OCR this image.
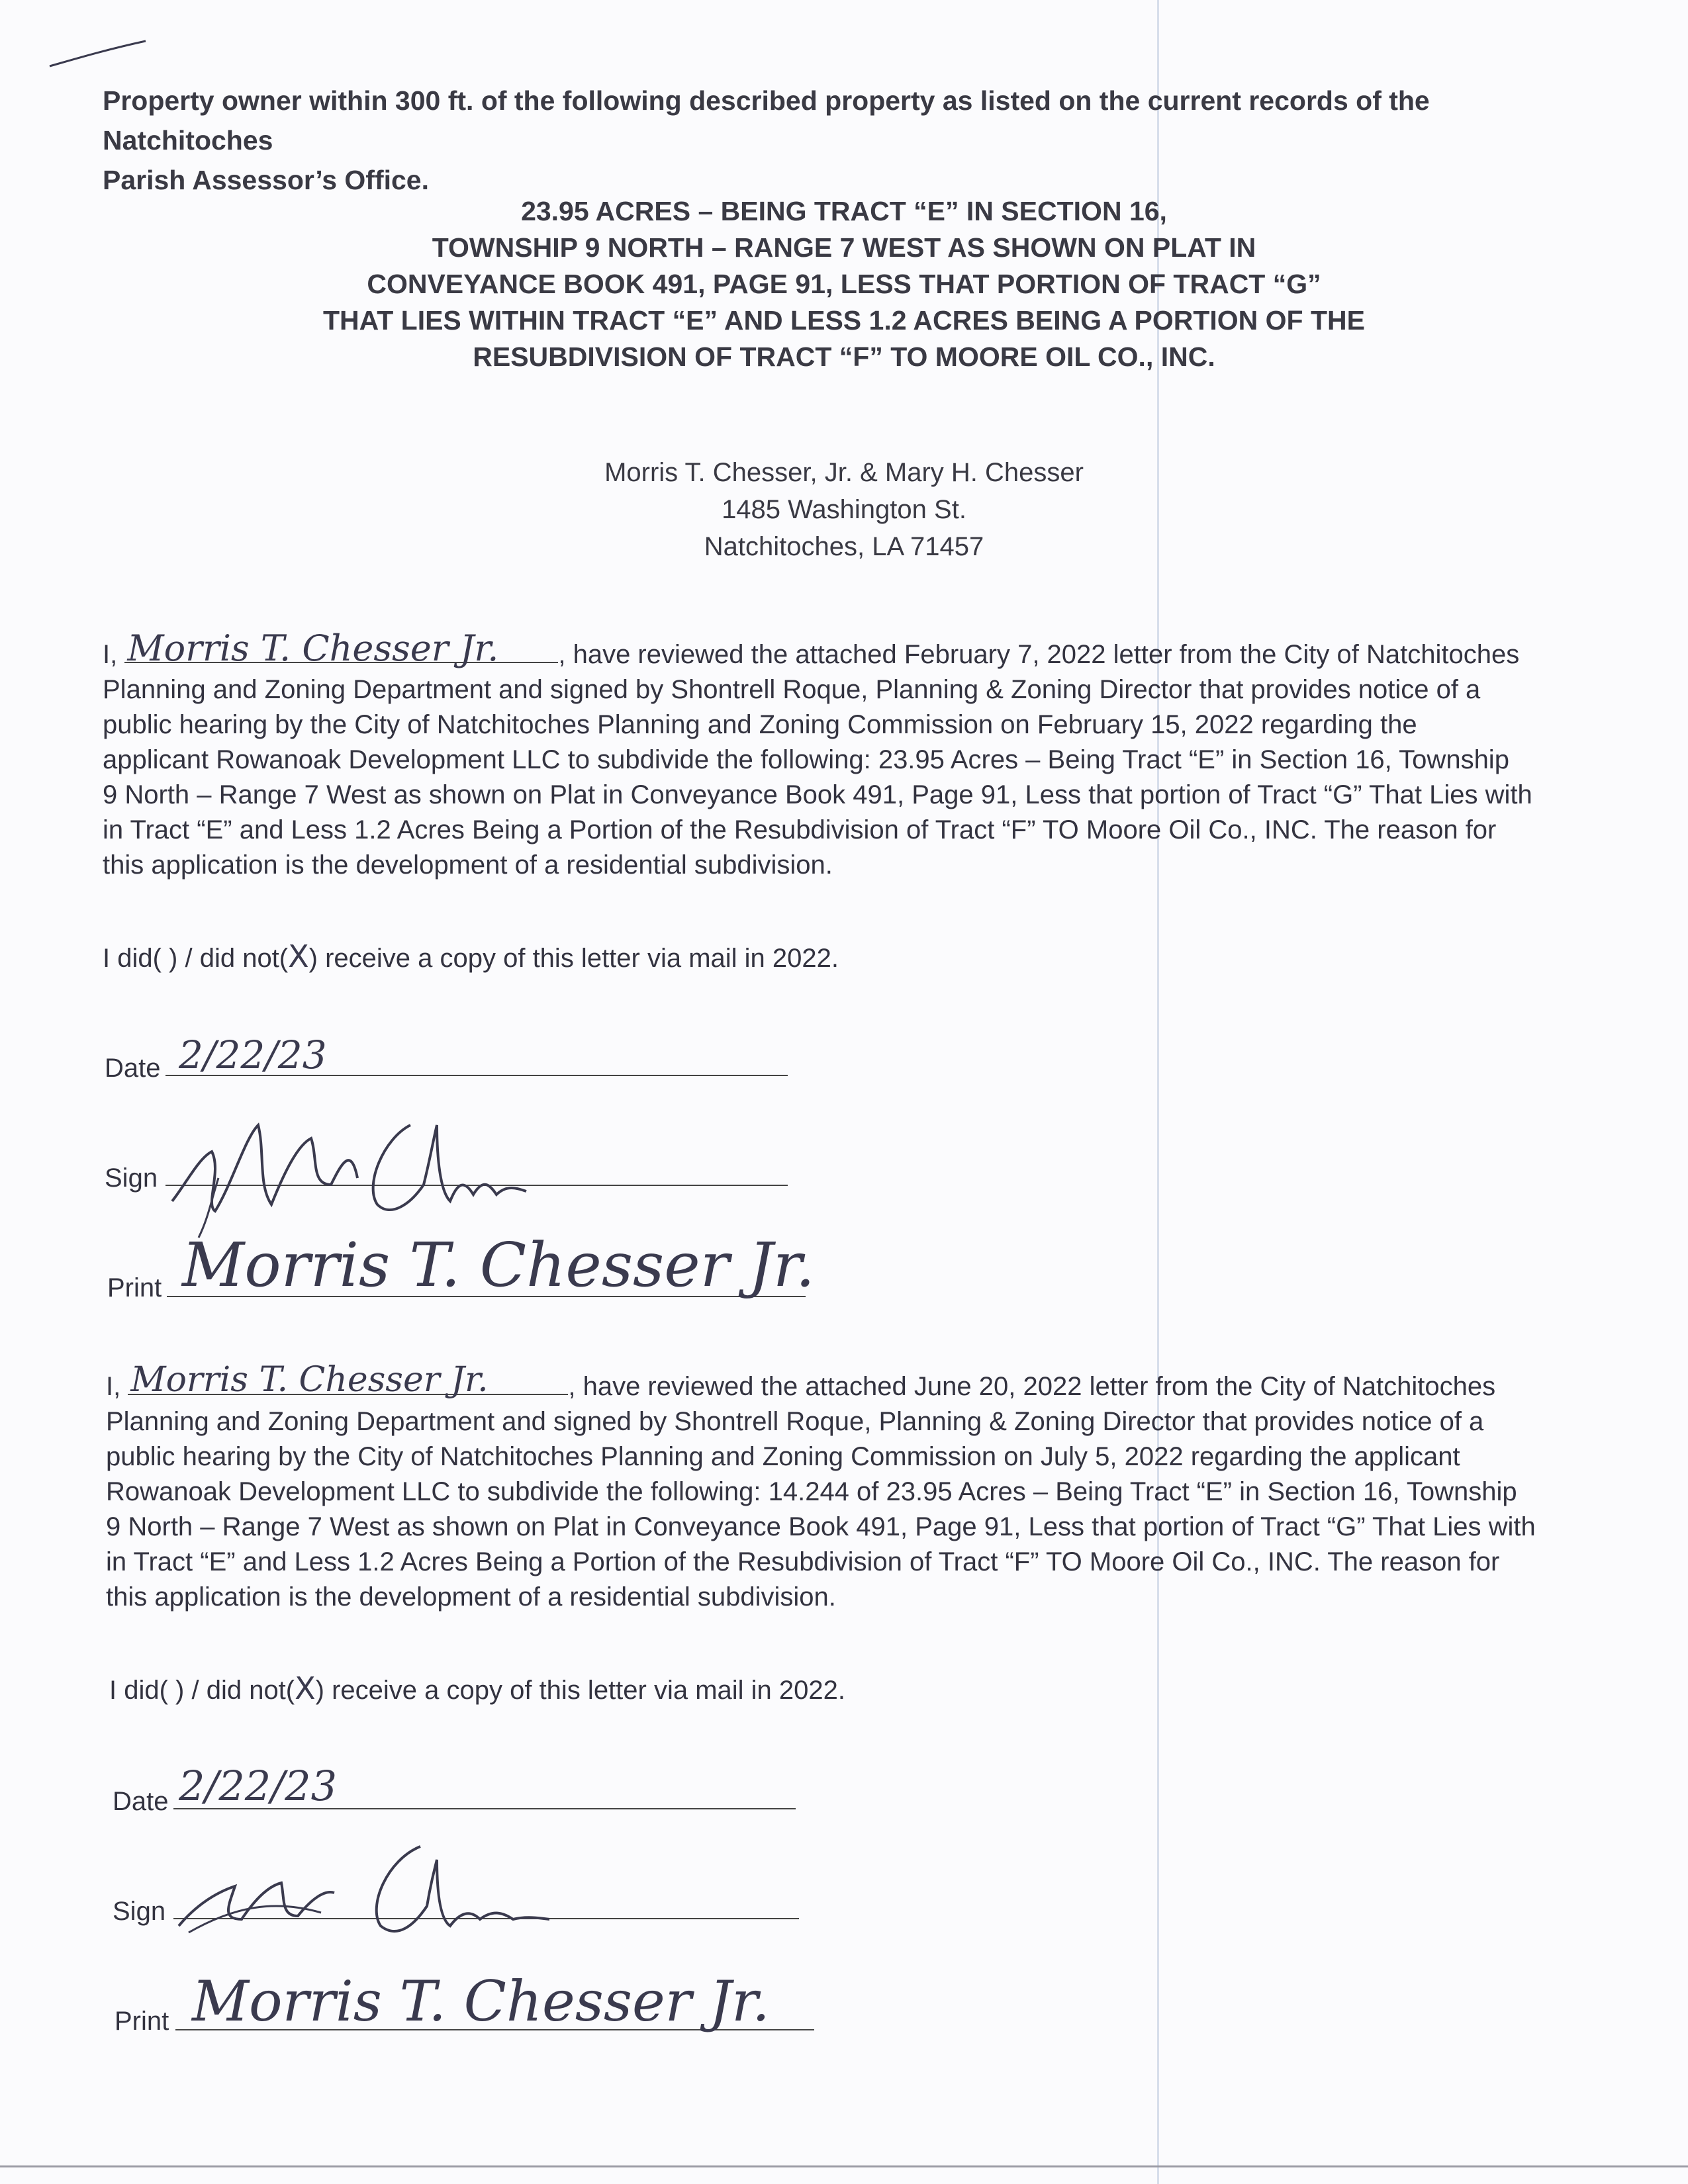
Property owner within 300 ft. of the following described property as listed on the current records of the Natchitoches
Parish Assessor’s Office.
23.95 ACRES – BEING TRACT “E” IN SECTION 16,
TOWNSHIP 9 NORTH – RANGE 7 WEST AS SHOWN ON PLAT IN
CONVEYANCE BOOK 491, PAGE 91, LESS THAT PORTION OF TRACT “G”
THAT LIES WITHIN TRACT “E” AND LESS 1.2 ACRES BEING A PORTION OF THE
RESUBDIVISION OF TRACT “F” TO MOORE OIL CO., INC.
Morris T. Chesser, Jr. & Mary H. Chesser
1485 Washington St.
Natchitoches, LA 71457
I, Morris T. Chesser Jr. , have reviewed the attached February 7, 2022 letter from the City of Natchitoches
Planning and Zoning Department and signed by Shontrell Roque, Planning & Zoning Director that provides notice of a
public hearing by the City of Natchitoches Planning and Zoning Commission on February 15, 2022 regarding the
applicant Rowanoak Development LLC to subdivide the following: 23.95 Acres – Being Tract “E” in Section 16, Township
9 North – Range 7 West as shown on Plat in Conveyance Book 491, Page 91, Less that portion of Tract “G” That Lies with
in Tract “E” and Less 1.2 Acres Being a Portion of the Resubdivision of Tract “F” TO Moore Oil Co., INC. The reason for
this application is the development of a residential subdivision.
I did( ) / did not(X) receive a copy of this letter via mail in 2022.
Date 2/22/23
Sign
Print Morris T. Chesser Jr.
I, Morris T. Chesser Jr.	, have reviewed the attached June 20, 2022 letter from the City of Natchitoches
Planning and Zoning Department and signed by Shontrell Roque, Planning & Zoning Director that provides notice of a
public hearing by the City of Natchitoches Planning and Zoning Commission on July 5, 2022 regarding the applicant
Rowanoak Development LLC to subdivide the following: 14.244 of 23.95 Acres – Being Tract “E” in Section 16, Township
9 North – Range 7 West as shown on Plat in Conveyance Book 491, Page 91, Less that portion of Tract “G” That Lies with
in Tract “E” and Less 1.2 Acres Being a Portion of the Resubdivision of Tract “F” TO Moore Oil Co., INC. The reason for
this application is the development of a residential subdivision.
I did( ) / did not(X) receive a copy of this letter via mail in 2022.
Date 2/22/23
Sign
Print Morris T. Chesser Jr.
